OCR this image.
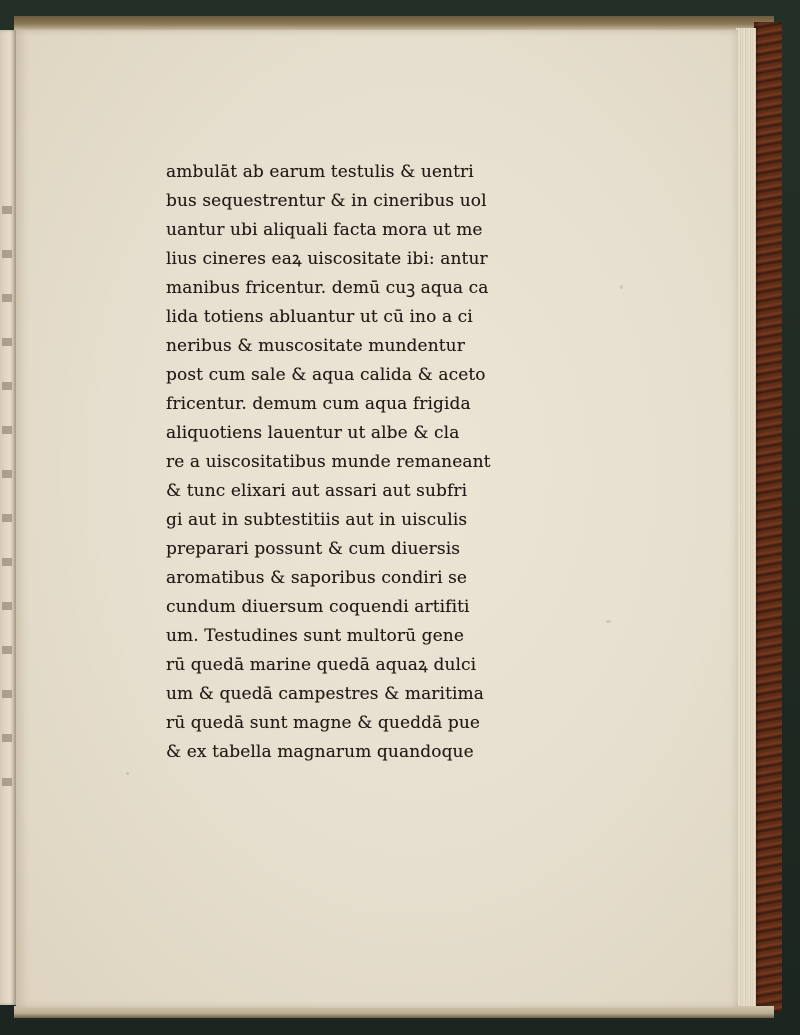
ambulāt ab earum testulis & uentri
bus sequestrentur & in cineribus uol
uantur ubi aliquali facta mora ut me
lius cineres eaꝝ uiscositate ibi: antur
manibus fricentur. demū cuꝫ aqua ca
lida totiens abluantur ut cū ino a ci
neribus & muscositate mundentur
post cum sale & aqua calida & aceto
fricentur. demum cum aqua frigida
aliquotiens lauentur ut albe & cla
re a uiscositatibus munde remaneant
& tunc elixari aut assari aut subfri
gi aut in subtestitiis aut in uisculis
preparari possunt & cum diuersis
aromatibus & saporibus condiri se
cundum diuersum coquendi artifiti
um. Testudines sunt multorū gene
rū quedā marine quedā aquaꝝ dulci
um & quedā campestres & maritima
rū quedā sunt magne & queddā pue
& ex tabella magnarum quandoque
